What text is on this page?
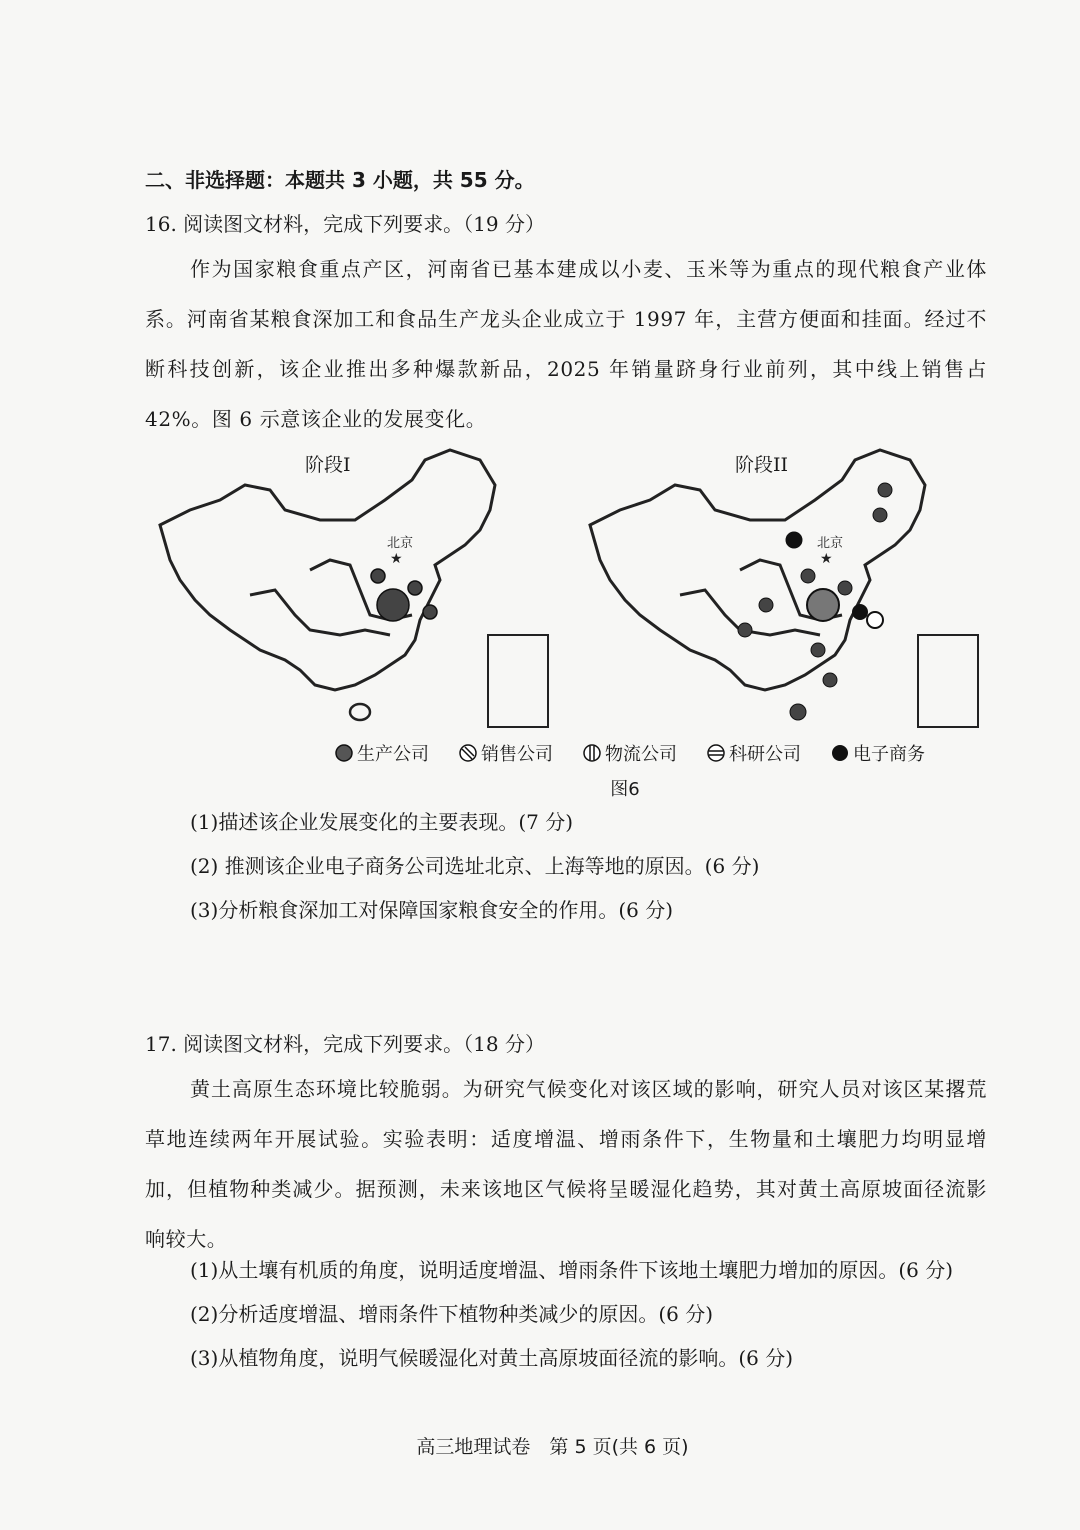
二、非选择题：本题共 3 小题，共 55 分。
16. 阅读图文材料，完成下列要求。（19 分）
作为国家粮食重点产区，河南省已基本建成以小麦、玉米等为重点的现代粮食产业体系。河南省某粮食深加工和食品生产龙头企业成立于 1997 年，主营方便面和挂面。经过不断科技创新，该企业推出多种爆款新品，2025 年销量跻身行业前列，其中线上销售占 42%。图 6 示意该企业的发展变化。
★
北京
阶段I
★
北京
阶段II
生产公司	销售公司	物流公司	科研公司	电子商务
图6
(1)描述该企业发展变化的主要表现。(7 分)
(2) 推测该企业电子商务公司选址北京、上海等地的原因。(6 分)
(3)分析粮食深加工对保障国家粮食安全的作用。(6 分)
17. 阅读图文材料，完成下列要求。（18 分）
黄土高原生态环境比较脆弱。为研究气候变化对该区域的影响，研究人员对该区某撂荒草地连续两年开展试验。实验表明：适度增温、增雨条件下，生物量和土壤肥力均明显增加，但植物种类减少。据预测，未来该地区气候将呈暖湿化趋势，其对黄土高原坡面径流影响较大。
(1)从土壤有机质的角度，说明适度增温、增雨条件下该地土壤肥力增加的原因。(6 分)
(2)分析适度增温、增雨条件下植物种类减少的原因。(6 分)
(3)从植物角度，说明气候暖湿化对黄土高原坡面径流的影响。(6 分)
高三地理试卷　第 5 页(共 6 页)
